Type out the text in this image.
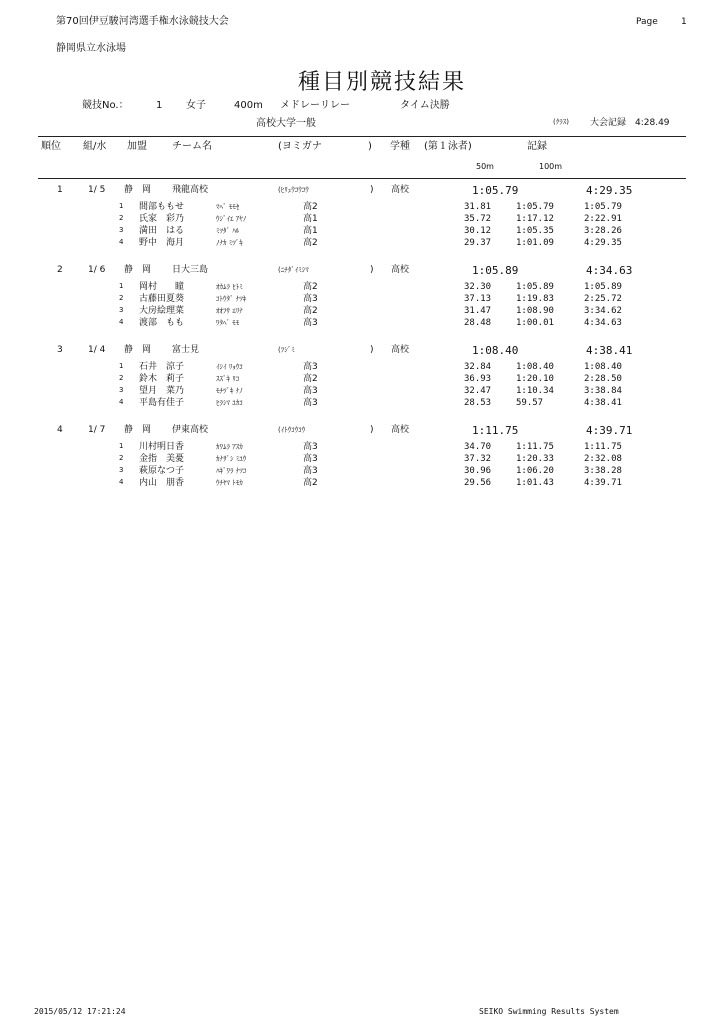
第70回伊豆駿河湾選手権水泳競技大会	Page	1
静岡県立水泳場
種目別競技結果
競技No.：	1 女子	400m メドレーリレー	タイム決勝
高校大学一般	(ｸﾗｽ) 大会記録 4:28.49
順位 組/水 加盟	チーム名	(ヨミガナ	) 学種 (第１泳者)	記録
50m	100m
1	1/ 5 静　岡 飛龍高校	(ﾋﾘｭｳｺｳｺｳ	) 高校	1:05.79	4:29.35
1 間部ももせ	ﾏﾍﾞ ﾓﾓｾ	高2	31.81	1:05.79	1:05.79
2 氏家　彩乃	ｳｼﾞｲｴ ｱﾔﾉ	高1	35.72	1:17.12	2:22.91
3 満田　はる	ﾐﾂﾀﾞ ﾊﾙ	高1	30.12	1:05.35	3:28.26
4 野中　海月	ﾉﾅｶ ﾐﾂﾞｷ	高2	29.37	1:01.09	4:29.35
2	1/ 6 静　岡 日大三島	(ﾆﾁﾀﾞｲﾐｼﾏ	) 高校	1:05.89	4:34.63
1 岡村　　瞳	ｵｶﾑﾗ ﾋﾄﾐ	高2	32.30	1:05.89	1:05.89
2 古藤田夏葵	ｺﾄｳﾀﾞ ﾅﾂｷ	高3	37.13	1:19.83	2:25.72
3 大房絵理菜	ｵｵﾌｻ ｴﾘﾅ	高2	31.47	1:08.90	3:34.62
4 渡部　もも	ﾜﾀﾍﾞ ﾓﾓ	高3	28.48	1:00.01	4:34.63
3	1/ 4 静　岡 富士見	(ﾌｼﾞﾐ	) 高校	1:08.40	4:38.41
1 石井　涼子	ｲｼｲ ﾘｮｳｺ	高3	32.84	1:08.40	1:08.40
2 鈴木　莉子	ｽｽﾞｷ ﾘｺ	高2	36.93	1:20.10	2:28.50
3 望月　菜乃	ﾓﾁﾂﾞｷ ﾅﾉ	高3	32.47	1:10.34	3:38.84
4 平島有佳子	ﾋﾗｼﾏ ﾕｶｺ	高3	28.53	59.57	4:38.41
4	1/ 7 静　岡 伊東高校	(ｲﾄｳｺｳｺｳ	) 高校	1:11.75	4:39.71
1 川村明日香	ｶﾜﾑﾗ ｱｽｶ	高3	34.70	1:11.75	1:11.75
2 金指　美憂	ｶﾅｻﾞｼ ﾐﾕｳ	高3	37.32	1:20.33	2:32.08
3 萩原なつ子	ﾊｷﾞﾜﾗ ﾅﾂｺ	高3	30.96	1:06.20	3:38.28
4 内山　朋香	ｳﾁﾔﾏ ﾄﾓｶ	高2	29.56	1:01.43	4:39.71
2015/05/12 17:21:24	SEIKO Swimming Results System
